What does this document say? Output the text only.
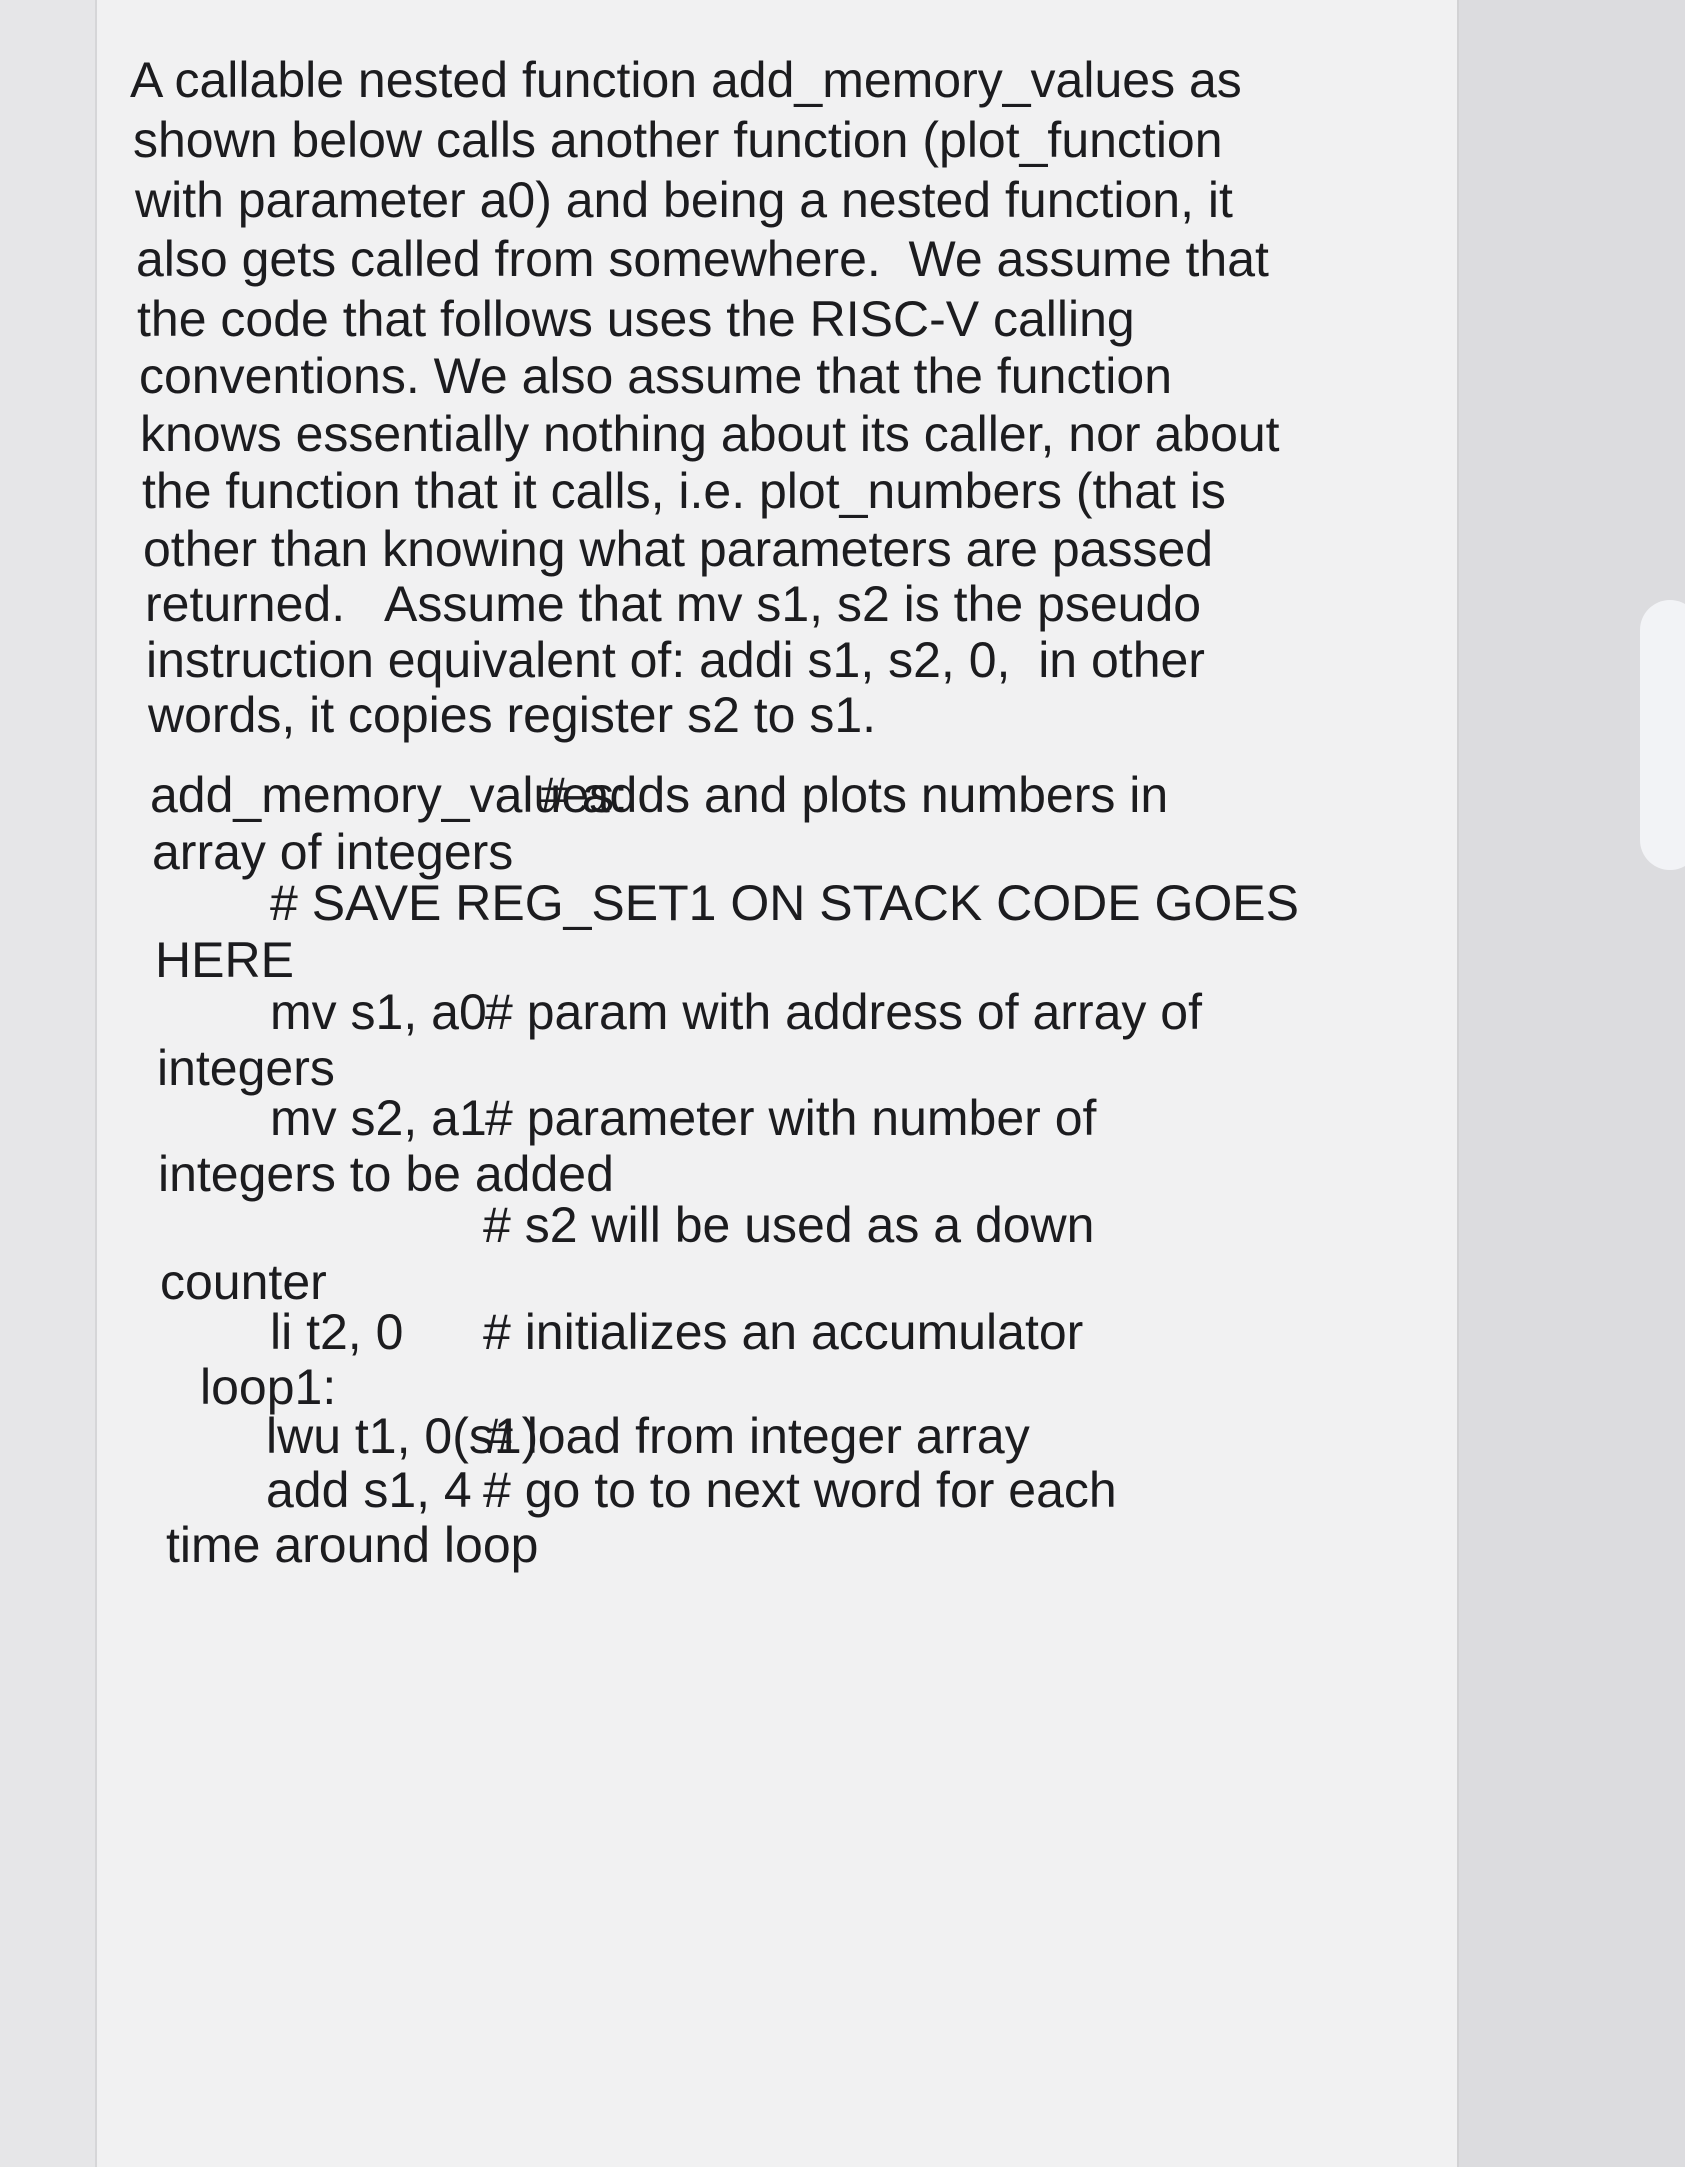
A callable nested function add_memory_values as
shown below calls another function (plot_function
with parameter a0) and being a nested function, it
also gets called from somewhere.  We assume that
the code that follows uses the RISC-V calling
conventions. We also assume that the function
knows essentially nothing about its caller, nor about
the function that it calls, i.e. plot_numbers (that is
other than knowing what parameters are passed
returned.   Assume that mv s1, s2 is the pseudo
instruction equivalent of: addi s1, s2, 0,  in other
words, it copies register s2 to s1.
add_memory_values:
# adds and plots numbers in
array of integers
# SAVE REG_SET1 ON STACK CODE GOES
HERE
mv s1, a0
# param with address of array of
integers
mv s2, a1
# parameter with number of
integers to be added
# s2 will be used as a down
counter
li t2, 0 # initializes an accumulator
loop1:
lwu t1, 0(s1)
# load from integer array
add s1, 4 # go to to next word for each
time around loop
